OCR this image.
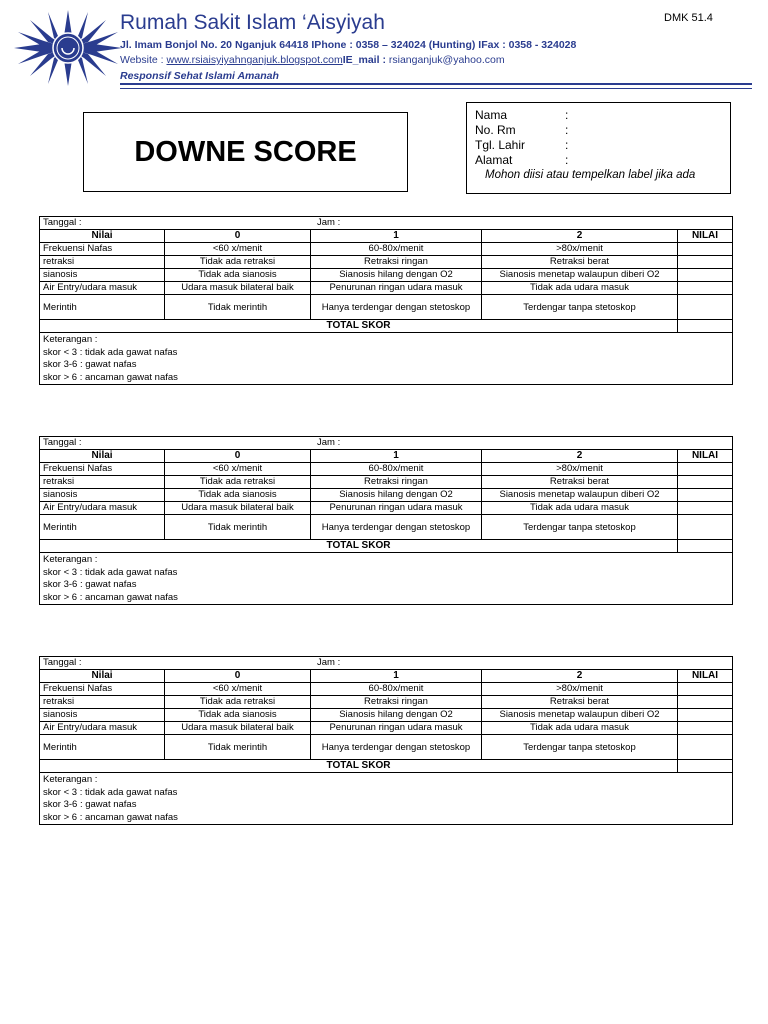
Rumah Sakit Islam ‘Aisyiyah
Jl. Imam Bonjol No. 20 Nganjuk 64418 IPhone : 0358 – 324024 (Hunting) IFax : 0358 - 324028
Website : www.rsiaisyiyahnganjuk.blogspot.comIE_mail : rsianganjuk@yahoo.com
Responsif Sehat Islami Amanah
DMK 51.4
DOWNE SCORE
Nama	:
No. Rm	:
Tgl. Lahir	:
Alamat	:
Mohon diisi atau tempelkan label jika ada
Tanggal : Jam :				

Nilai	0	1	2	NILAI
Frekuensi Nafas	<60 x/menit	60-80x/menit	>80x/menit	
retraksi	Tidak ada retraksi	Retraksi ringan	Retraksi berat	
sianosis	Tidak ada sianosis	Sianosis hilang dengan O2	Sianosis menetap walaupun diberi O2	
Air Entry/udara masuk	Udara masuk bilateral baik	Penurunan ringan udara masuk	Tidak ada udara masuk	
Merintih	Tidak merintih	Hanya terdengar dengan stetoskop	Terdengar tanpa stetoskop	
TOTAL SKOR				

Keterangan :
skor < 3 : tidak ada gawat nafas
skor 3-6 : gawat nafas
skor > 6 : ancaman gawat nafas				
Tanggal : Jam :				

Nilai	0	1	2	NILAI
Frekuensi Nafas	<60 x/menit	60-80x/menit	>80x/menit	
retraksi	Tidak ada retraksi	Retraksi ringan	Retraksi berat	
sianosis	Tidak ada sianosis	Sianosis hilang dengan O2	Sianosis menetap walaupun diberi O2	
Air Entry/udara masuk	Udara masuk bilateral baik	Penurunan ringan udara masuk	Tidak ada udara masuk	
Merintih	Tidak merintih	Hanya terdengar dengan stetoskop	Terdengar tanpa stetoskop	
TOTAL SKOR				

Keterangan :
skor < 3 : tidak ada gawat nafas
skor 3-6 : gawat nafas
skor > 6 : ancaman gawat nafas				
Tanggal : Jam :				

Nilai	0	1	2	NILAI
Frekuensi Nafas	<60 x/menit	60-80x/menit	>80x/menit	
retraksi	Tidak ada retraksi	Retraksi ringan	Retraksi berat	
sianosis	Tidak ada sianosis	Sianosis hilang dengan O2	Sianosis menetap walaupun diberi O2	
Air Entry/udara masuk	Udara masuk bilateral baik	Penurunan ringan udara masuk	Tidak ada udara masuk	
Merintih	Tidak merintih	Hanya terdengar dengan stetoskop	Terdengar tanpa stetoskop	
TOTAL SKOR				

Keterangan :
skor < 3 : tidak ada gawat nafas
skor 3-6 : gawat nafas
skor > 6 : ancaman gawat nafas				
